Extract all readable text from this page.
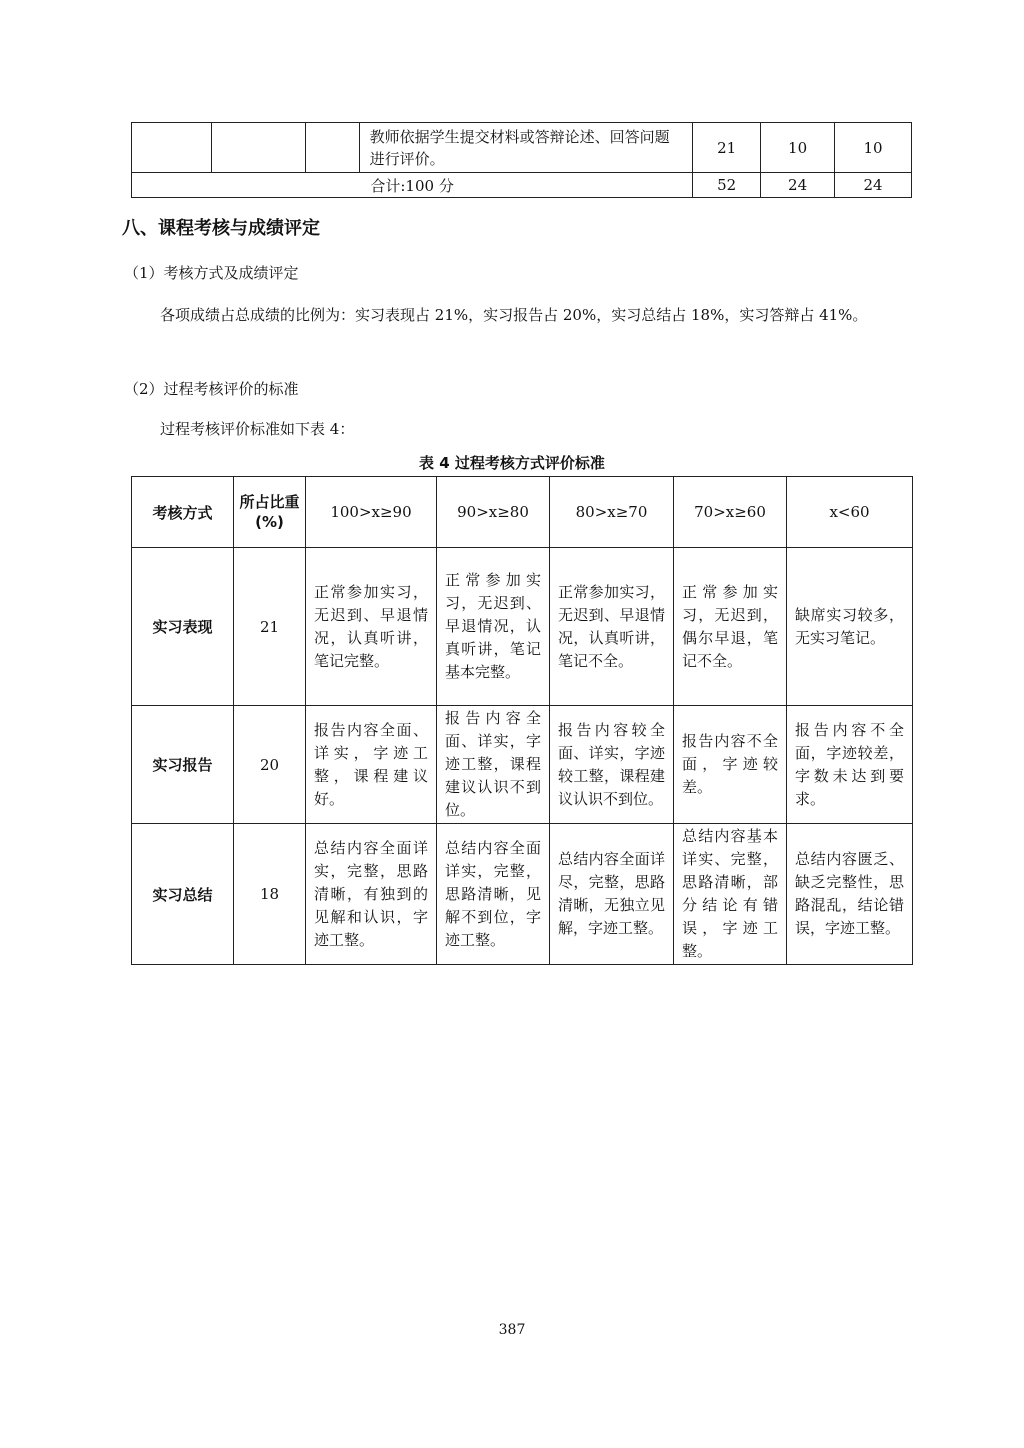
			教师依据学生提交材料或答辩论述、回答问题进行评价。	21	10	10
合计:100 分				52	24	24
八、课程考核与成绩评定
（1）考核方式及成绩评定
各项成绩占总成绩的比例为：实习表现占 21%，实习报告占 20%，实习总结占 18%，实习答辩占 41%。
（2）过程考核评价的标准
过程考核评价标准如下表 4：
表 4 过程考核方式评价标准
考核方式	所占比重(%)	100>x≥90	90>x≥80	80>x≥70	70>x≥60	x<60
实习表现	21	正常参加实习，无迟到、早退情况，认真听讲，笔记完整。	正常参加实习，无迟到、早退情况，认真听讲，笔记基本完整。	正常参加实习，无迟到、早退情况，认真听讲，笔记不全。	正常参加实习，无迟到，偶尔早退，笔记不全。	缺席实习较多，无实习笔记。
实习报告	20	报告内容全面、详实，字迹工整，课程建议好。	报告内容全面、详实，字迹工整，课程建议认识不到位。	报告内容较全面、详实，字迹较工整，课程建议认识不到位。	报告内容不全面，字迹较差。	报告内容不全面，字迹较差，字数未达到要求。
实习总结	18	总结内容全面详实，完整，思路清晰，有独到的见解和认识，字迹工整。	总结内容全面详实，完整，思路清晰，见解不到位，字迹工整。	总结内容全面详尽，完整，思路清晰，无独立见解，字迹工整。	总结内容基本详实、完整，思路清晰，部分结论有错误，字迹工整。	总结内容匮乏、缺乏完整性，思路混乱，结论错误，字迹工整。
387
